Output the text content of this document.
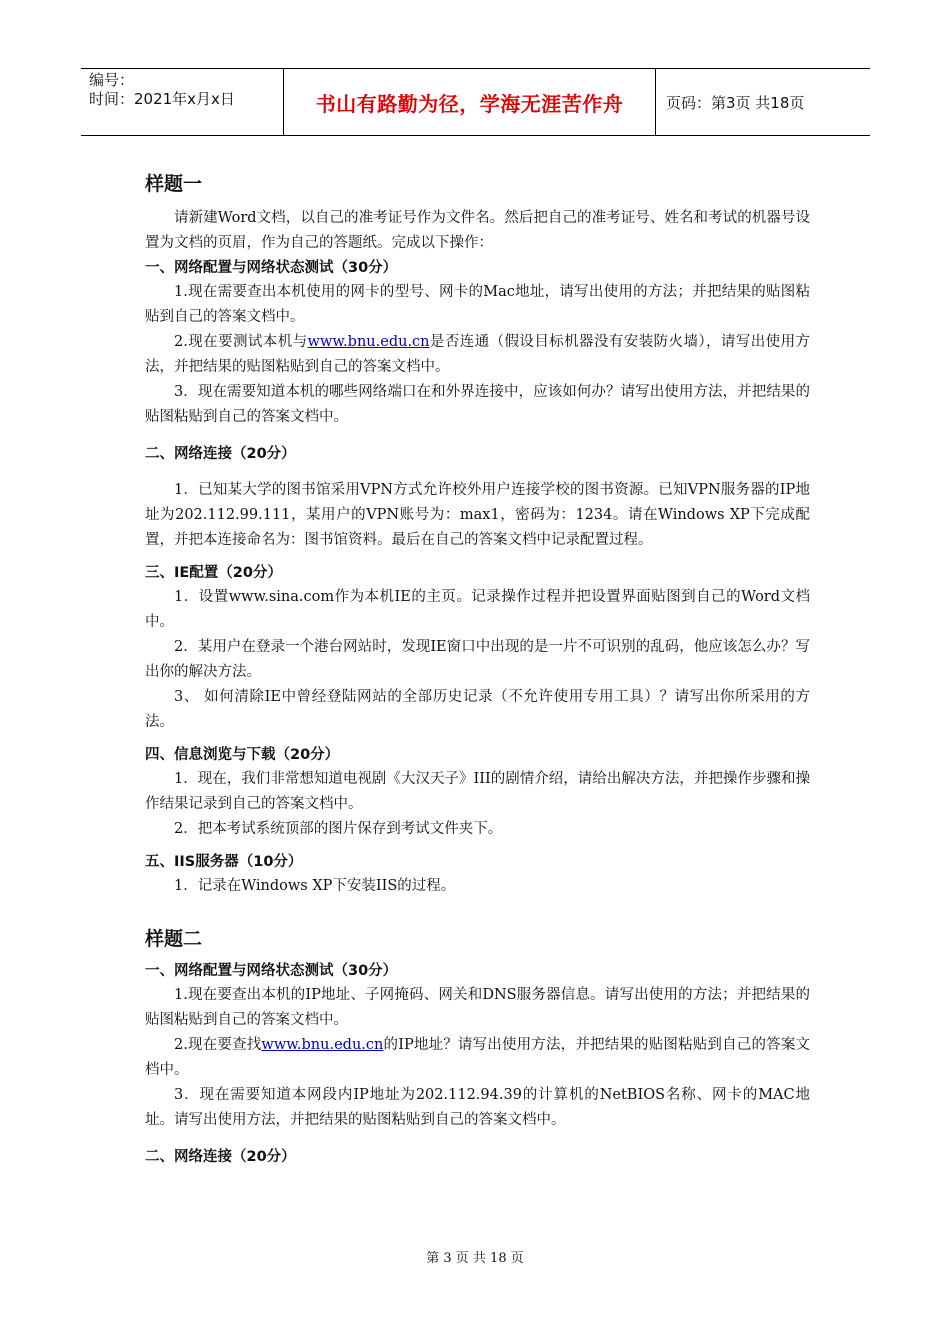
编号：
时间：2021年x月x日	书山有路勤为径，学海无涯苦作舟	页码：第3页 共18页
样题一

请新建Word文档，以自己的准考证号作为文件名。然后把自己的准考证号、姓名和考试的机器号设置为文档的页眉，作为自己的答题纸。完成以下操作：

一、网络配置与网络状态测试（30分）

1.现在需要查出本机使用的网卡的型号、网卡的Mac地址，请写出使用的方法；并把结果的贴图粘贴到自己的答案文档中。

2.现在要测试本机与www.bnu.edu.cn是否连通（假设目标机器没有安装防火墙），请写出使用方法，并把结果的贴图粘贴到自己的答案文档中。

3．现在需要知道本机的哪些网络端口在和外界连接中，应该如何办？请写出使用方法，并把结果的贴图粘贴到自己的答案文档中。

二、网络连接（20分）

1．已知某大学的图书馆采用VPN方式允许校外用户连接学校的图书资源。已知VPN服务器的IP地址为202.112.99.111，某用户的VPN账号为：max1，密码为：1234。请在Windows XP下完成配置，并把本连接命名为：图书馆资料。最后在自己的答案文档中记录配置过程。

三、IE配置（20分）

1．设置www.sina.com作为本机IE的主页。记录操作过程并把设置界面贴图到自己的Word文档中。

2．某用户在登录一个港台网站时，发现IE窗口中出现的是一片不可识别的乱码，他应该怎么办？写出你的解决方法。

3、 如何清除IE中曾经登陆网站的全部历史记录（不允许使用专用工具）？请写出你所采用的方法。

四、信息浏览与下载（20分）

1．现在，我们非常想知道电视剧《大汉天子》III的剧情介绍，请给出解决方法，并把操作步骤和操作结果记录到自己的答案文档中。

2．把本考试系统顶部的图片保存到考试文件夹下。

五、IIS服务器（10分）

1．记录在Windows XP下安装IIS的过程。

样题二
一、网络配置与网络状态测试（30分）

1.现在要查出本机的IP地址、子网掩码、网关和DNS服务器信息。请写出使用的方法；并把结果的贴图粘贴到自己的答案文档中。

2.现在要查找www.bnu.edu.cn的IP地址？请写出使用方法，并把结果的贴图粘贴到自己的答案文档中。

3．现在需要知道本网段内IP地址为202.112.94.39的计算机的NetBIOS名称、网卡的MAC地址。请写出使用方法，并把结果的贴图粘贴到自己的答案文档中。

二、网络连接（20分）
第 3 页 共 18 页
